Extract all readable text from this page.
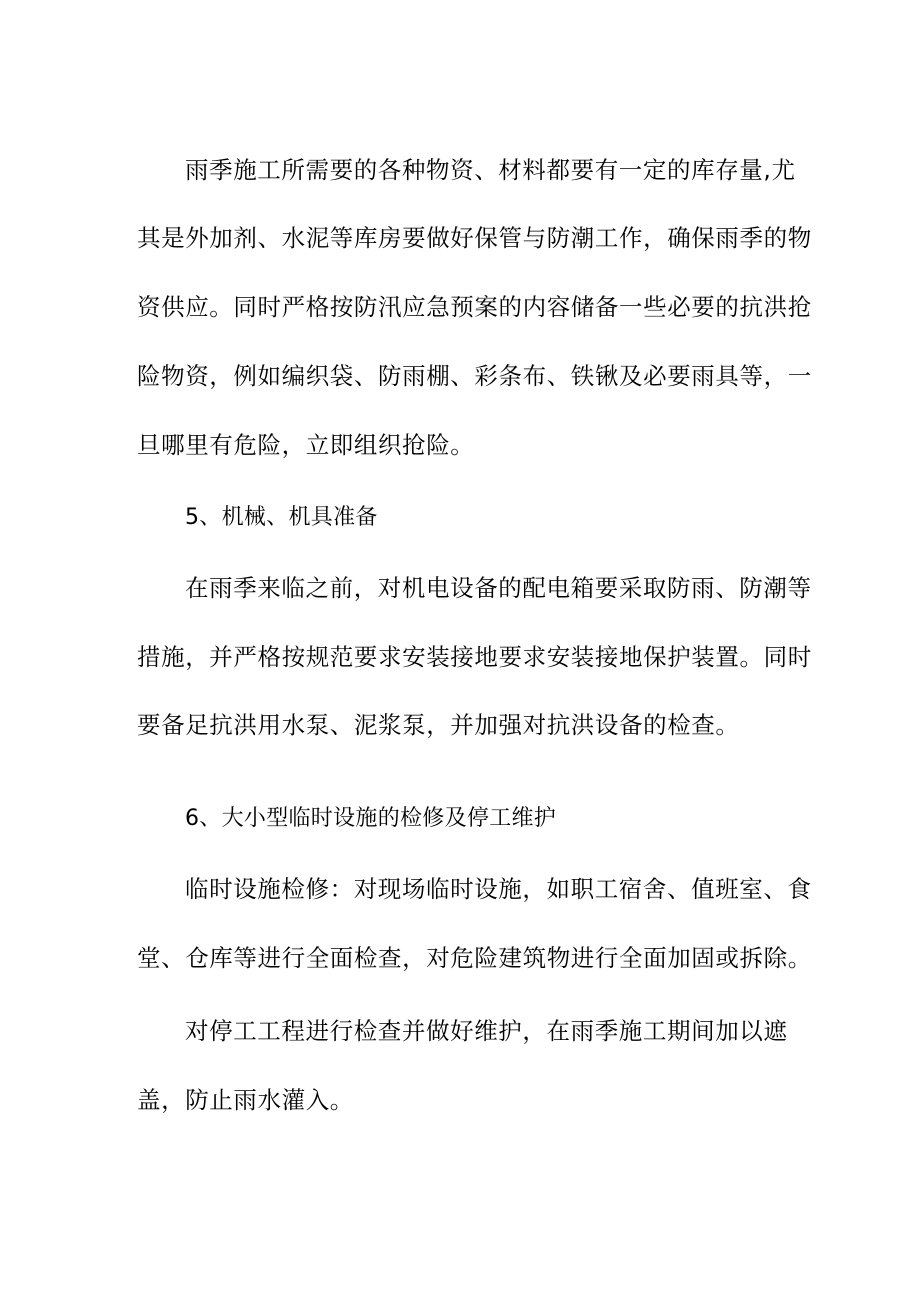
雨季施工所需要的各种物资、材料都要有一定的库存量,尤

其是外加剂、水泥等库房要做好保管与防潮工作，确保雨季的物

资供应。同时严格按防汛应急预案的内容储备一些必要的抗洪抢

险物资，例如编织袋、防雨棚、彩条布、铁锹及必要雨具等，一

旦哪里有危险，立即组织抢险。

5、机械、机具准备

在雨季来临之前，对机电设备的配电箱要采取防雨、防潮等

措施，并严格按规范要求安装接地要求安装接地保护装置。同时

要备足抗洪用水泵、泥浆泵，并加强对抗洪设备的检查。

6、大小型临时设施的检修及停工维护

临时设施检修：对现场临时设施，如职工宿舍、值班室、食

堂、仓库等进行全面检查，对危险建筑物进行全面加固或拆除。

对停工工程进行检查并做好维护，在雨季施工期间加以遮

盖，防止雨水灌入。
